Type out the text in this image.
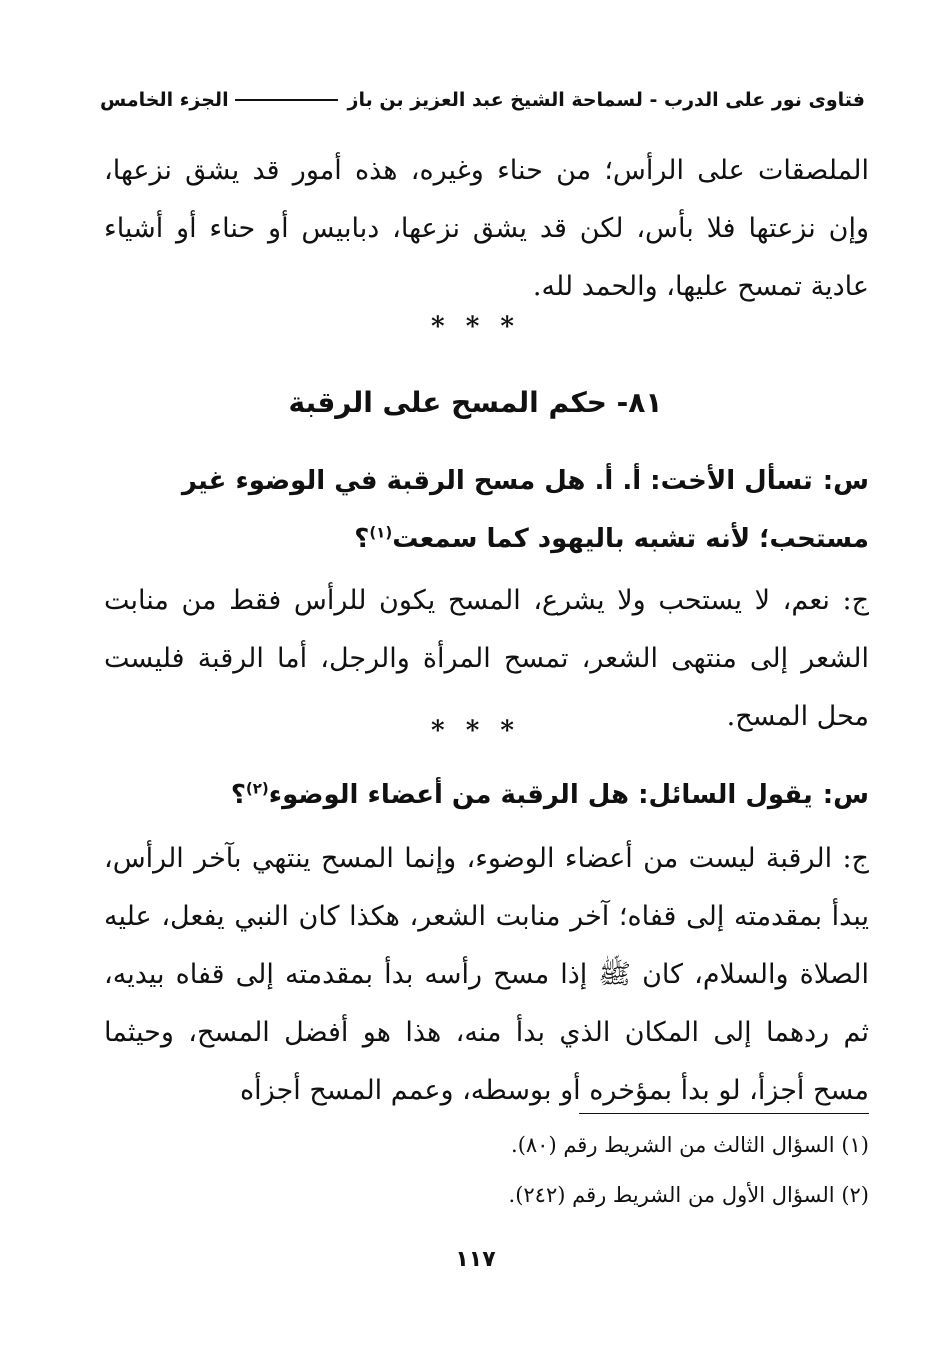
فتاوى نور على الدرب - لسماحة الشيخ عبد العزيز بن باز
الجزء الخامس

الملصقات على الرأس؛ من حناء وغيره، هذه أمور قد يشق نزعها، وإن نزعتها فلا بأس، لكن قد يشق نزعها، دبابيس أو حناء أو أشياء عادية تمسح عليها، والحمد لله.

* * *
٨١- حكم المسح على الرقبة
س:تسأل الأخت: أ. أ. هل مسح الرقبة في الوضوء غير مستحب؛ لأنه تشبه باليهود كما سمعت$^{(١)}$؟

ج: نعم، لا يستحب ولا يشرع، المسح يكون للرأس فقط من منابت الشعر إلى منتهى الشعر، تمسح المرأة والرجل، أما الرقبة فليست محل المسح.

* * *
س:يقول السائل: هل الرقبة من أعضاء الوضوء$^{(٢)}$؟

ج: الرقبة ليست من أعضاء الوضوء، وإنما المسح ينتهي بآخر الرأس، يبدأ بمقدمته إلى قفاه؛ آخر منابت الشعر، هكذا كان النبي يفعل، عليه الصلاة والسلام، كان ﷺ إذا مسح رأسه بدأ بمقدمته إلى قفاه بيديه، ثم ردهما إلى المكان الذي بدأ منه، هذا هو أفضل المسح، وحيثما مسح أجزأ، لو بدأ بمؤخره أو بوسطه، وعمم المسح أجزأه

(١) السؤال الثالث من الشريط رقم (٨٠).
(٢) السؤال الأول من الشريط رقم (٢٤٢).
١١٧
